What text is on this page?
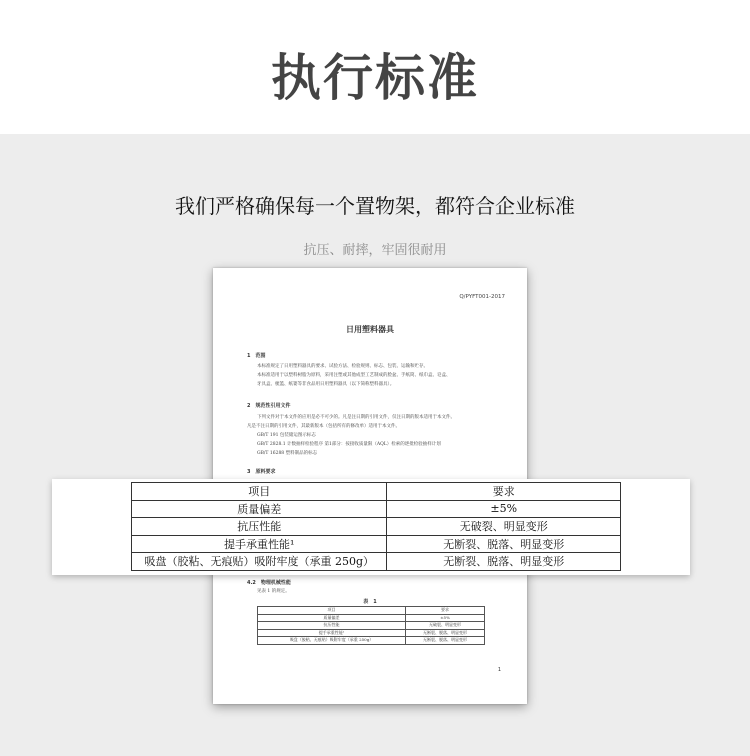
执行标准
我们严格确保每一个置物架，都符合企业标准
抗压、耐摔，牢固很耐用
Q/PYFT001-2017
日用塑料器具
1　范围
本标准规定了日用塑料器具的要求、试验方法、检验规则、标志、包装、运输和贮存。
本标准适用于以塑料树脂为原料，采用注塑或其他成型工艺制成的脸盆、手纸筒、纸巾盒、皂盒、
牙具盒、梳篮、纸篓等非食品用日用塑料器具（以下简称塑料器具）。
2　规范性引用文件
下列文件对于本文件的应用是必不可少的。凡是注日期的引用文件，仅注日期的版本适用于本文件。
凡是不注日期的引用文件，其最新版本（包括所有的修改单）适用于本文件。
GB/T 191 包装储运图示标志
GB/T 2828.1 计数抽样检验程序 第1部分：按接收质量限（AQL）检索的逐批检验抽样计划
GB/T 16288 塑料制品的标志
3　原料要求
4.2　物理机械性能
见表 1 的规定。
表　1
项目	要求
质量偏差	±5%
抗压性能	无破裂、明显变形
提手承重性能¹	无断裂、脱落、明显变形
吸盘（胶粘、无痕贴）吸附牢度（承重 250g）	无断裂、脱落、明显变形
1
项目	要求
质量偏差	±5%
抗压性能	无破裂、明显变形
提手承重性能¹	无断裂、脱落、明显变形
吸盘（胶粘、无痕贴）吸附牢度（承重 250g）	无断裂、脱落、明显变形
